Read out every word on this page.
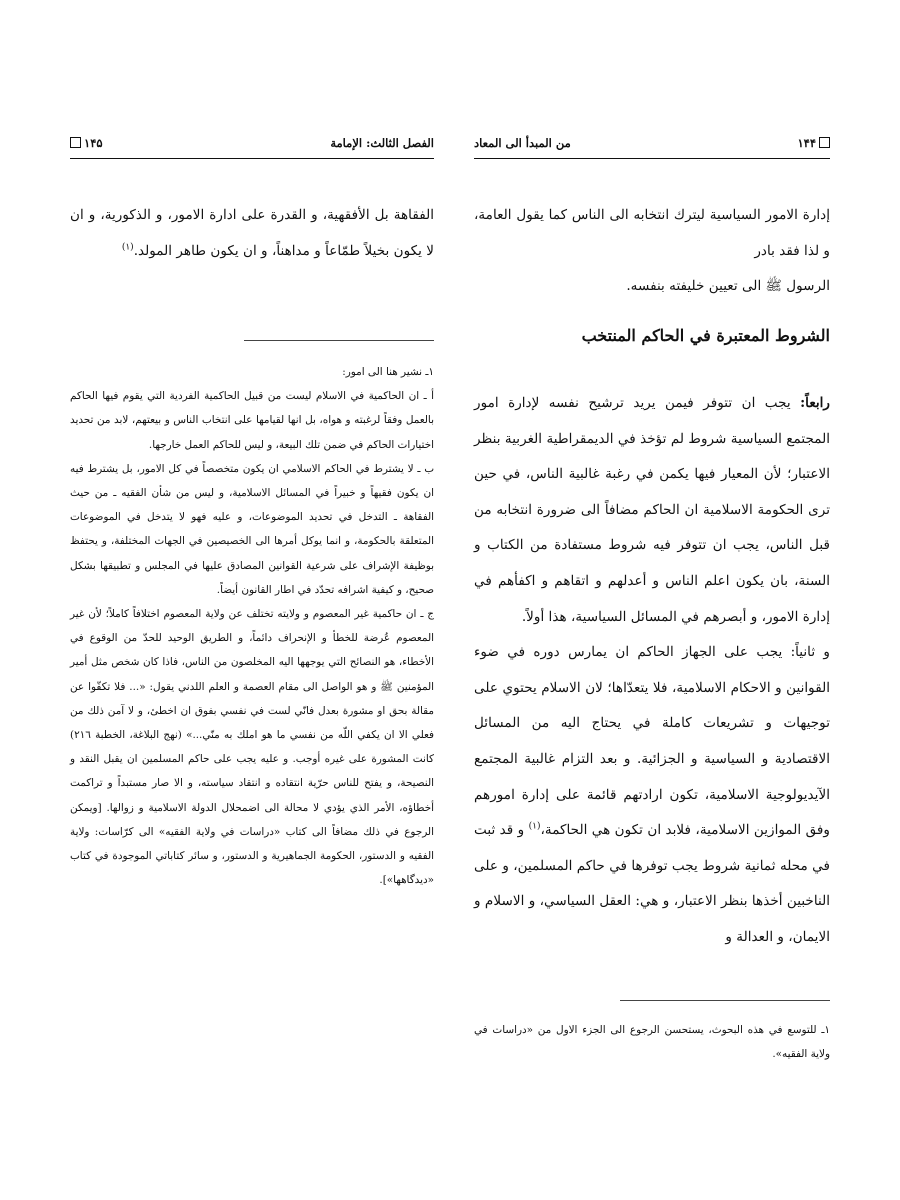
١۴۴
من المبدأ الى المعاد

إدارة الامور السياسية ليترك انتخابه الى الناس كما يقول العامة، و لذا فقد بادر

الرسول ﷺ الى تعيين خليفته بنفسه.

الشروط المعتبرة في الحاكم المنتخب

رابعاً: يجب ان تتوفر فيمن يريد ترشيح نفسه لإدارة امور المجتمع السياسية شروط لم تؤخذ في الديمقراطية الغربية بنظر الاعتبار؛ لأن المعيار فيها يكمن في رغبة غالبية الناس، في حين ترى الحكومة الاسلامية ان الحاكم مضافاً الى ضرورة انتخابه من قبل الناس، يجب ان تتوفر فيه شروط مستفادة من الكتاب و السنة، بان يكون اعلم الناس و أعدلهم و اتقاهم و اكفأهم في إدارة الامور، و أبصرهم في المسائل السياسية، هذا أولاً.

و ثانياً: يجب على الجهاز الحاكم ان يمارس دوره في ضوء القوانين و الاحكام الاسلامية، فلا يتعدّاها؛ لان الاسلام يحتوي على توجيهات و تشريعات كاملة في يحتاج اليه من المسائل الاقتصادية و السياسية و الجزائية. و بعد التزام غالبية المجتمع الآيديولوجية الاسلامية، تكون ارادتهم قائمة على إدارة امورهم وفق الموازين الاسلامية، فلابد ان تكون هي الحاكمة،$^{(١)}$ و قد ثبت في محله ثمانية شروط يجب توفرها في حاكم المسلمين، و على الناخبين أخذها بنظر الاعتبار، و هي: العقل السياسي، و الاسلام و الايمان، و العدالة و

١ـ للتوسع في هذه البحوث، يستحسن الرجوع الى الجزء الاول من «دراسات في ولاية الفقيه».
١۴۵	الفصل الثالث: الإمامة

الفقاهة بل الأفقهية، و القدرة على ادارة الامور، و الذكورية، و ان لا يكون بخيلاً طمّاعاً و مداهناً، و ان يكون طاهر المولد.$^{(١)}$

١ـ نشير هنا الى امور:

أ ـ ان الحاكمية في الاسلام ليست من قبيل الحاكمية الفردية التي يقوم فيها الحاكم بالعمل وفقاً لرغبته و هواه، بل انها لقيامها على انتخاب الناس و بيعتهم، لابد من تحديد اختيارات الحاكم في ضمن تلك البيعة، و ليس للحاكم العمل خارجها.

ب ـ لا يشترط في الحاكم الاسلامي ان يكون متخصصاً في كل الامور، بل يشترط فيه ان يكون فقيهاً و خبيراً في المسائل الاسلامية، و ليس من شأن الفقيه ـ من حيث الفقاهة ـ التدخل في تحديد الموضوعات، و عليه فهو لا يتدخل في الموضوعات المتعلقة بالحكومة، و انما يوكل أمرها الى الخصيصين في الجهات المختلفة، و يحتفظ بوظيفة الإشراف على شرعية القوانين المصادق عليها في المجلس و تطبيقها بشكل صحيح، و كيفية اشرافه تحدّد في اطار القانون أيضاً.

ج ـ ان حاكمية غير المعصوم و ولايته تختلف عن ولاية المعصوم اختلافاً كاملاً؛ لأن غير المعصوم عُرضة للخطأ و الإنحراف دائماً، و الطريق الوحيد للحدّ من الوقوع في الأخطاء، هو النصائح التي يوجهها اليه المخلصون من الناس، فاذا كان شخص مثل أمير المؤمنين ﷺ و هو الواصل الى مقام العصمة و العلم اللدني يقول: «... فلا تكفّوا عن مقالة بحق او مشورة بعدل فانّي لست في نفسي بفوق ان اخطئ، و لا آمن ذلك من فعلي الا ان يكفي اللّه من نفسي ما هو املك به منّي...» (نهج البلاغة، الخطبة ٢١٦) كانت المشورة على غيره أوجب. و عليه يجب على حاكم المسلمين ان يقبل النقد و النصيحة، و يفتح للناس حرّية انتقاده و انتقاد سياسته، و الا صار مستبداً و تراكمت أخطاؤه، الأمر الذي يؤدي لا محالة الى اضمحلال الدولة الاسلامية و زوالها. [ويمكن الرجوع في ذلك مضافاً الى كتاب «دراسات في ولاية الفقيه» الى كرّاسات: ولاية الفقيه و الدستور، الحكومة الجماهيرية و الدستور، و سائر كتاباتي الموجودة في كتاب «ديدگاهها»].
